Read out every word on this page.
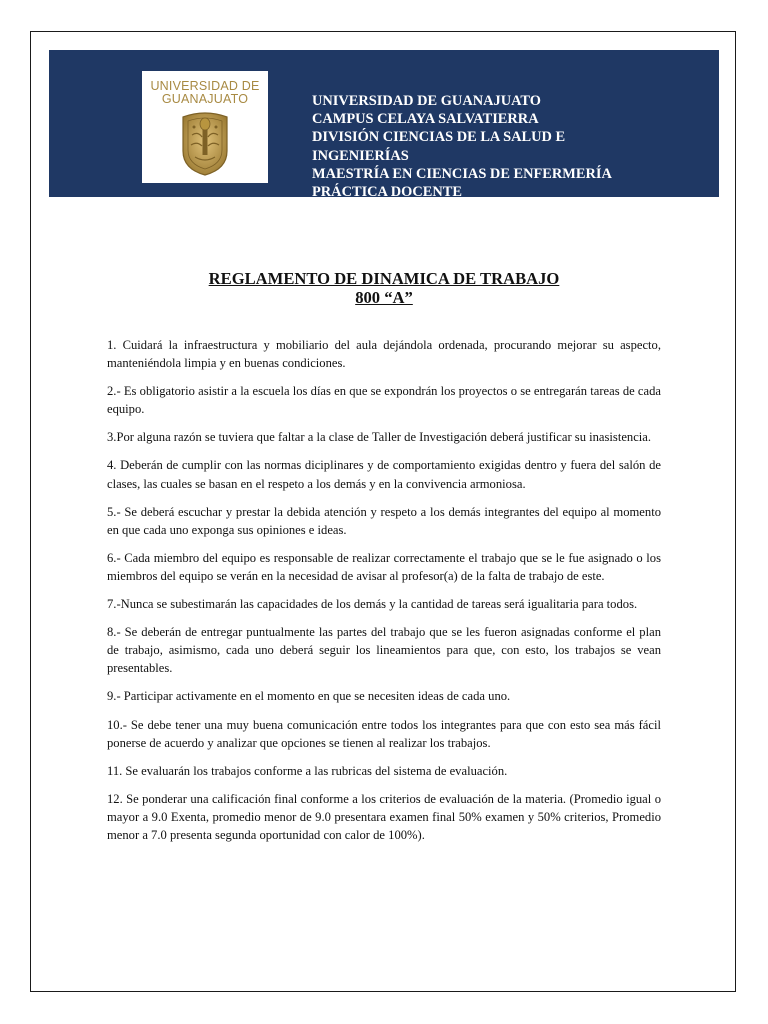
UNIVERSIDAD DE
GUANAJUATO	UNIVERSIDAD DE GUANAJUATO
CAMPUS CELAYA SALVATIERRA
DIVISIÓN CIENCIAS DE LA SALUD E INGENIERÍAS
MAESTRÍA EN CIENCIAS DE ENFERMERÍA
PRÁCTICA DOCENTE
REGLAMENTO DE DINAMICA DE TRABAJO
800 “A”

1. Cuidará la infraestructura y mobiliario del aula dejándola ordenada, procurando mejorar su aspecto, manteniéndola limpia y en buenas condiciones.

2.- Es obligatorio asistir a la escuela los días en que se expondrán los proyectos o se entregarán tareas de cada equipo.

3.Por alguna razón se tuviera que faltar a la clase de Taller de Investigación deberá justificar su inasistencia.

4. Deberán de cumplir con las normas diciplinares y de comportamiento exigidas dentro y fuera del salón de clases, las cuales se basan en el respeto a los demás y en la convivencia armoniosa.

5.- Se deberá escuchar y prestar la debida atención y respeto a los demás integrantes del equipo al momento en que cada uno exponga sus opiniones e ideas.

6.- Cada miembro del equipo es responsable de realizar correctamente el trabajo que se le fue asignado o los miembros del equipo se verán en la necesidad de avisar al profesor(a) de la falta de trabajo de este.

7.-Nunca se subestimarán las capacidades de los demás y la cantidad de tareas será igualitaria para todos.

8.- Se deberán de entregar puntualmente las partes del trabajo que se les fueron asignadas conforme el plan de trabajo, asimismo, cada uno deberá seguir los lineamientos para que, con esto, los trabajos se vean presentables.

9.- Participar activamente en el momento en que se necesiten ideas de cada uno.

10.- Se debe tener una muy buena comunicación entre todos los integrantes para que con esto sea más fácil ponerse de acuerdo y analizar que opciones se tienen al realizar los trabajos.

11. Se evaluarán los trabajos conforme a las rubricas del sistema de evaluación.

12. Se ponderar una calificación final conforme a los criterios de evaluación de la materia. (Promedio igual o mayor a 9.0 Exenta, promedio menor de 9.0 presentara examen final 50% examen y 50% criterios, Promedio menor a 7.0 presenta segunda oportunidad con calor de 100%).
